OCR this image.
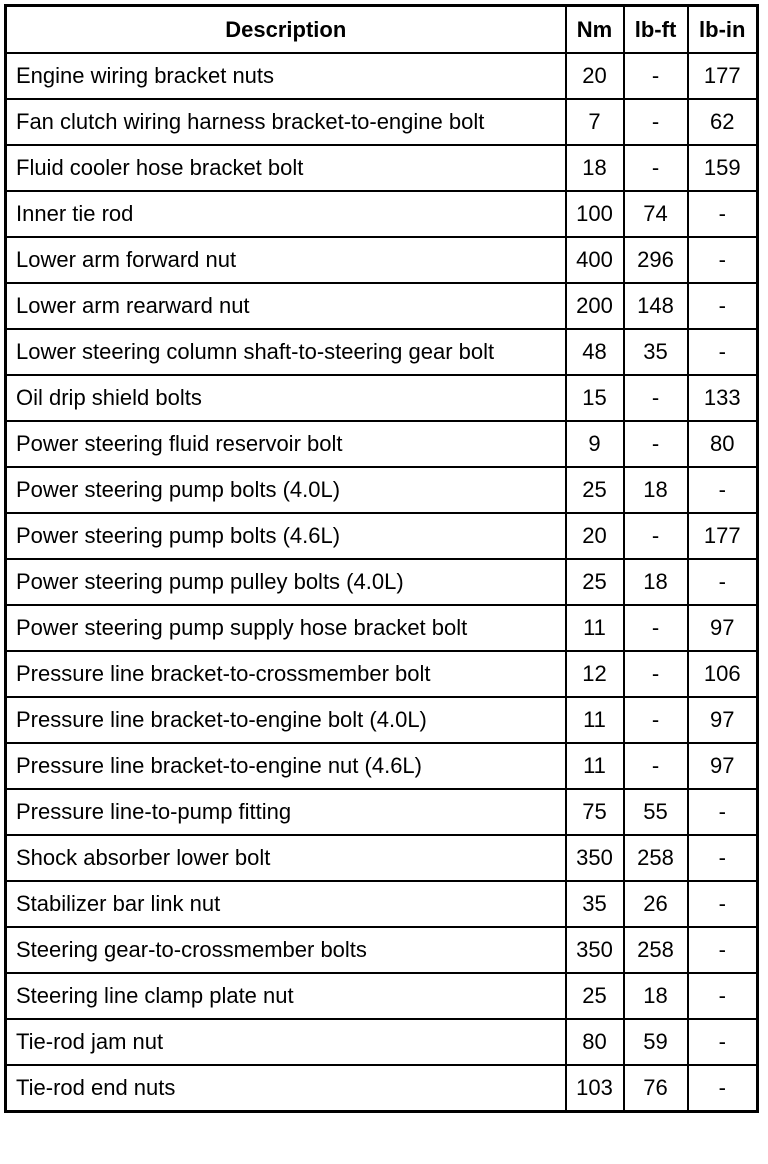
Description	Nm	lb-ft	lb-in
Engine wiring bracket nuts	20	-	177
Fan clutch wiring harness bracket-to-engine bolt	7	-	62
Fluid cooler hose bracket bolt	18	-	159
Inner tie rod	100	74	-
Lower arm forward nut	400	296	-
Lower arm rearward nut	200	148	-
Lower steering column shaft-to-steering gear bolt	48	35	-
Oil drip shield bolts	15	-	133
Power steering fluid reservoir bolt	9	-	80
Power steering pump bolts (4.0L)	25	18	-
Power steering pump bolts (4.6L)	20	-	177
Power steering pump pulley bolts (4.0L)	25	18	-
Power steering pump supply hose bracket bolt	11	-	97
Pressure line bracket-to-crossmember bolt	12	-	106
Pressure line bracket-to-engine bolt (4.0L)	11	-	97
Pressure line bracket-to-engine nut (4.6L)	11	-	97
Pressure line-to-pump fitting	75	55	-
Shock absorber lower bolt	350	258	-
Stabilizer bar link nut	35	26	-
Steering gear-to-crossmember bolts	350	258	-
Steering line clamp plate nut	25	18	-
Tie-rod jam nut	80	59	-
Tie-rod end nuts	103	76	-
